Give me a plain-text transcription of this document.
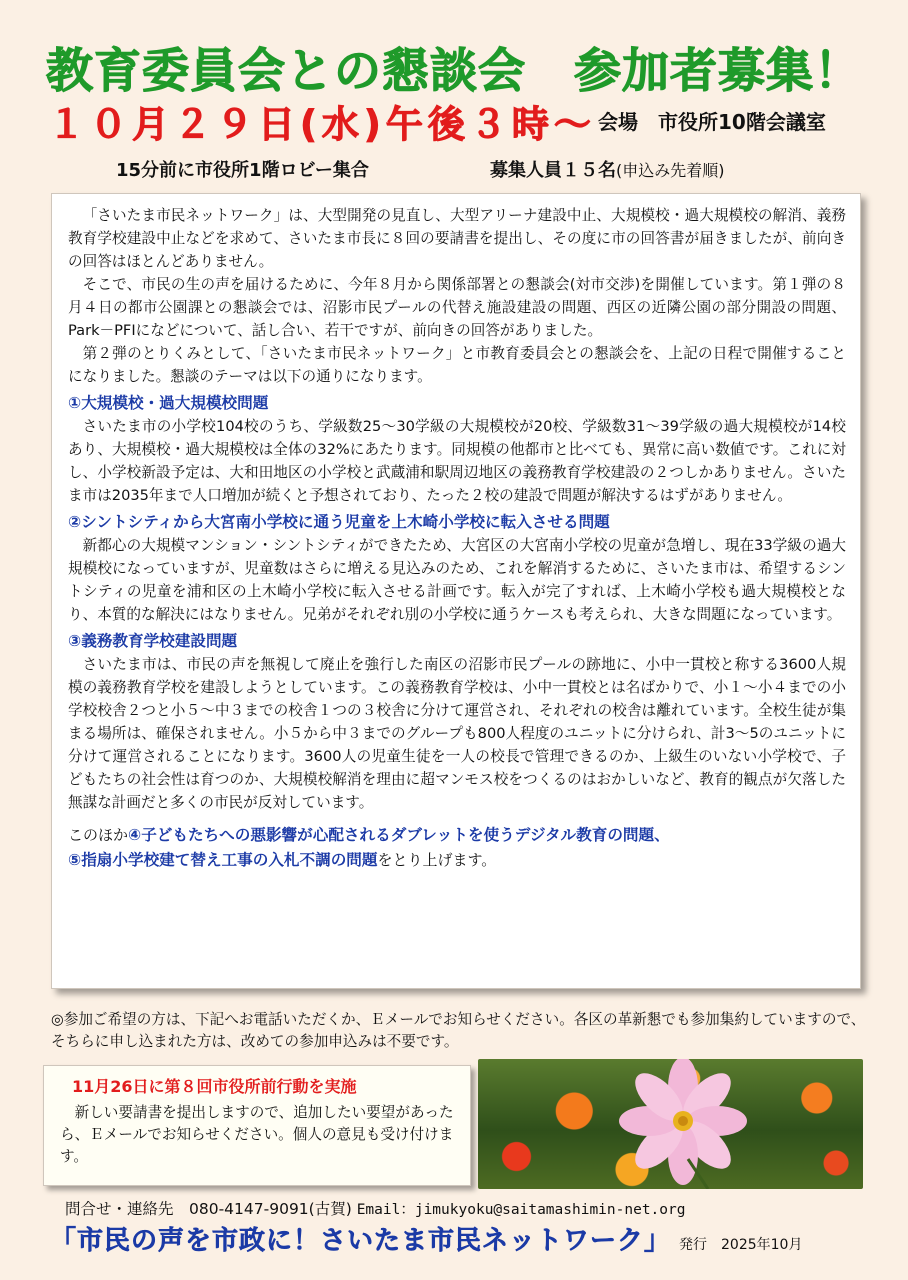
教育委員会との懇談会　参加者募集！
１０月２９日(水)午後３時～ 会場　市役所10階会議室
15分前に市役所1階ロビー集合	募集人員１５名(申込み先着順)

「さいたま市民ネットワーク」は、大型開発の見直し、大型アリーナ建設中止、大規模校・過大規模校の解消、義務教育学校建設中止などを求めて、さいたま市長に８回の要請書を提出し、その度に市の回答書が届きましたが、前向きの回答はほとんどありません。

そこで、市民の生の声を届けるために、今年８月から関係部署との懇談会(対市交渉)を開催しています。第１弾の８月４日の都市公園課との懇談会では、沼影市民プールの代替え施設建設の問題、西区の近隣公園の部分開設の問題、Park－PFIになどについて、話し合い、若干ですが、前向きの回答がありました。

第２弾のとりくみとして、「さいたま市民ネットワーク」と市教育委員会との懇談会を、上記の日程で開催することになりました。懇談のテーマは以下の通りになります。

①大規模校・過大規模校問題

さいたま市の小学校104校のうち、学級数25～30学級の大規模校が20校、学級数31～39学級の過大規模校が14校あり、大規模校・過大規模校は全体の32%にあたります。同規模の他都市と比べても、異常に高い数値です。これに対し、小学校新設予定は、大和田地区の小学校と武蔵浦和駅周辺地区の義務教育学校建設の２つしかありません。さいたま市は2035年まで人口増加が続くと予想されており、たった２校の建設で問題が解決するはずがありません。

②シントシティから大宮南小学校に通う児童を上木崎小学校に転入させる問題

新都心の大規模マンション・シントシティができたため、大宮区の大宮南小学校の児童が急増し、現在33学級の過大規模校になっていますが、児童数はさらに増える見込みのため、これを解消するために、さいたま市は、希望するシントシティの児童を浦和区の上木崎小学校に転入させる計画です。転入が完了すれば、上木崎小学校も過大規模校となり、本質的な解決にはなりません。兄弟がそれぞれ別の小学校に通うケースも考えられ、大きな問題になっています。

③義務教育学校建設問題

さいたま市は、市民の声を無視して廃止を強行した南区の沼影市民プールの跡地に、小中一貫校と称する3600人規模の義務教育学校を建設しようとしています。この義務教育学校は、小中一貫校とは名ばかりで、小１～小４までの小学校校舎２つと小５～中３までの校舎１つの３校舎に分けて運営され、それぞれの校舎は離れています。全校生徒が集まる場所は、確保されません。小５から中３までのグループも800人程度のユニットに分けられ、計3～5のユニットに分けて運営されることになります。3600人の児童生徒を一人の校長で管理できるのか、上級生のいない小学校で、子どもたちの社会性は育つのか、大規模校解消を理由に超マンモス校をつくるのはおかしいなど、教育的観点が欠落した無謀な計画だと多くの市民が反対しています。

このほか④子どもたちへの悪影響が心配されるダブレットを使うデジタル教育の問題、
⑤指扇小学校建て替え工事の入札不調の問題をとり上げます。

◎参加ご希望の方は、下記へお電話いただくか、Ｅメールでお知らせください。各区の革新懇でも参加集約していますので、そちらに申し込まれた方は、改めての参加申込みは不要です。
11月26日に第８回市役所前行動を実施

新しい要請書を提出しますので、追加したい要望があったら、Ｅメールでお知らせください。個人の意見も受け付けます。

問合せ・連絡先　080-4147-9091(古賀) Email：jimukyoku@saitamashimin-net.org
「市民の声を市政に！さいたま市民ネットワーク」 発行　2025年10月
